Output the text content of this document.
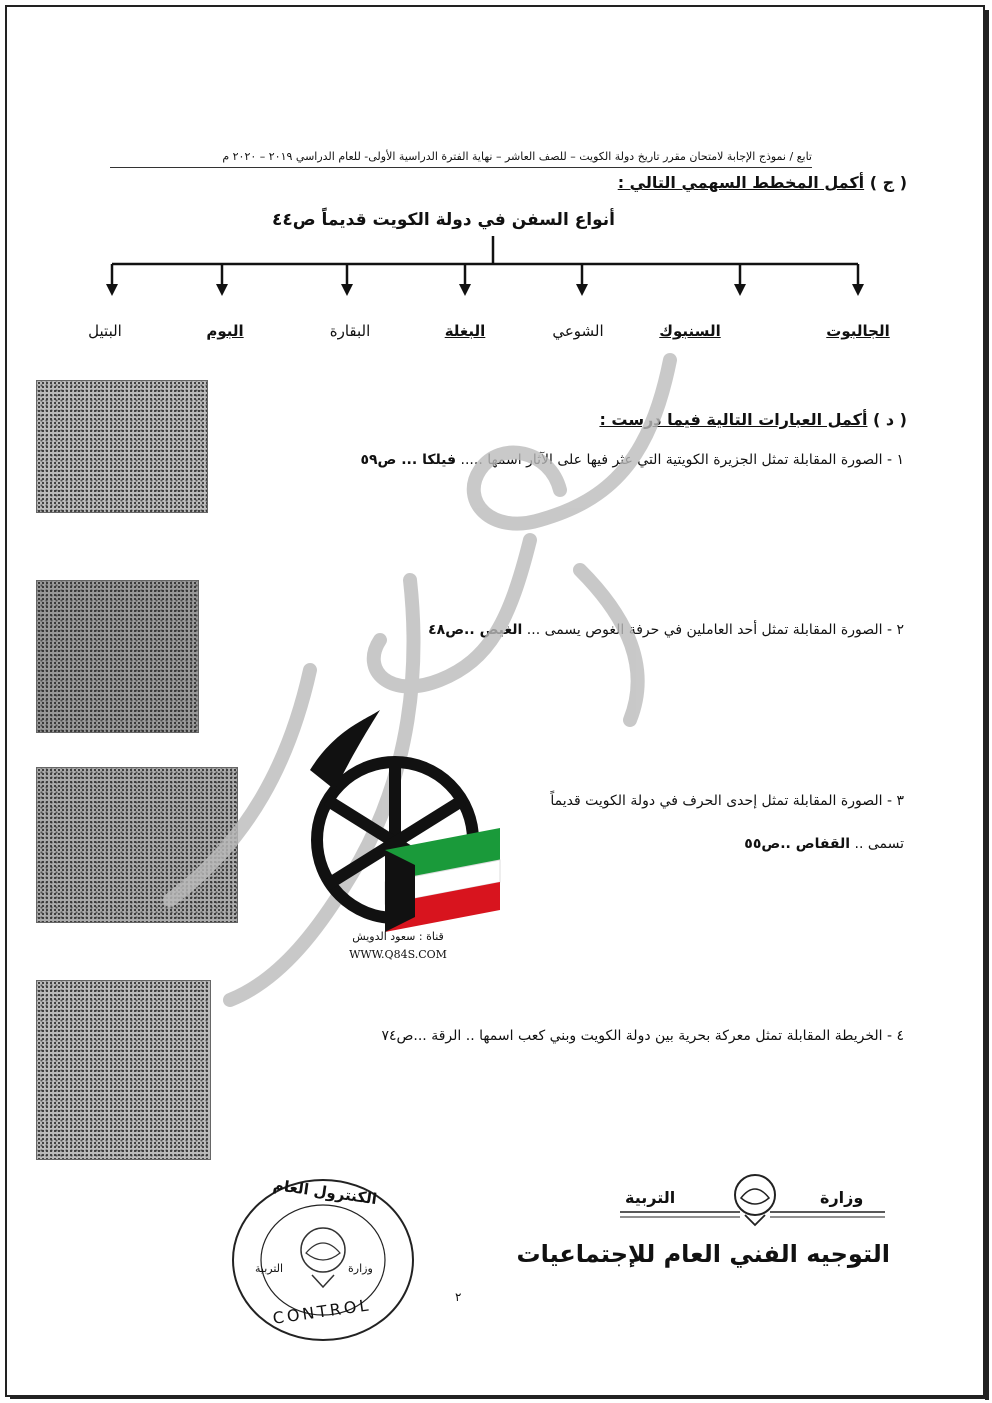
تابع / نموذج الإجابة لامتحان مقرر تاريخ دولة الكويت – للصف العاشر – نهاية الفترة الدراسية الأولى- للعام الدراسي ٢٠١٩ – ٢٠٢٠ م
( ج ) أكمل المخطط السهمي التالي :
أنواع السفن في دولة الكويت قديماً ص٤٤
الجالبوت
السنبوك
الشوعي
البغلة
البقارة
البوم
البتيل
( د ) أكمل العبارات التالية فيما درست :
١ - الصورة المقابلة تمثل الجزيرة الكويتية التي عثر فيها على الآثار اسمها ..... فيلكا ... ص٥٩
٢ - الصورة المقابلة تمثل أحد العاملين في حرفة الغوص يسمى ... الغيص ..ص٤٨
٣ - الصورة المقابلة تمثل إحدى الحرف في دولة الكويت قديماً
تسمى .. القفاص ..ص٥٥
٤ - الخريطة المقابلة تمثل معركة بحرية بين دولة الكويت وبني كعب اسمها .. الرقة ...ص٧٤
قناة : سعود الدويش
WWW.Q84S.COM
الكنترول العام
وزارة
التربية
CONTROL	٢
وزارة
التربية
التوجيه الفني العام للإجتماعيات
